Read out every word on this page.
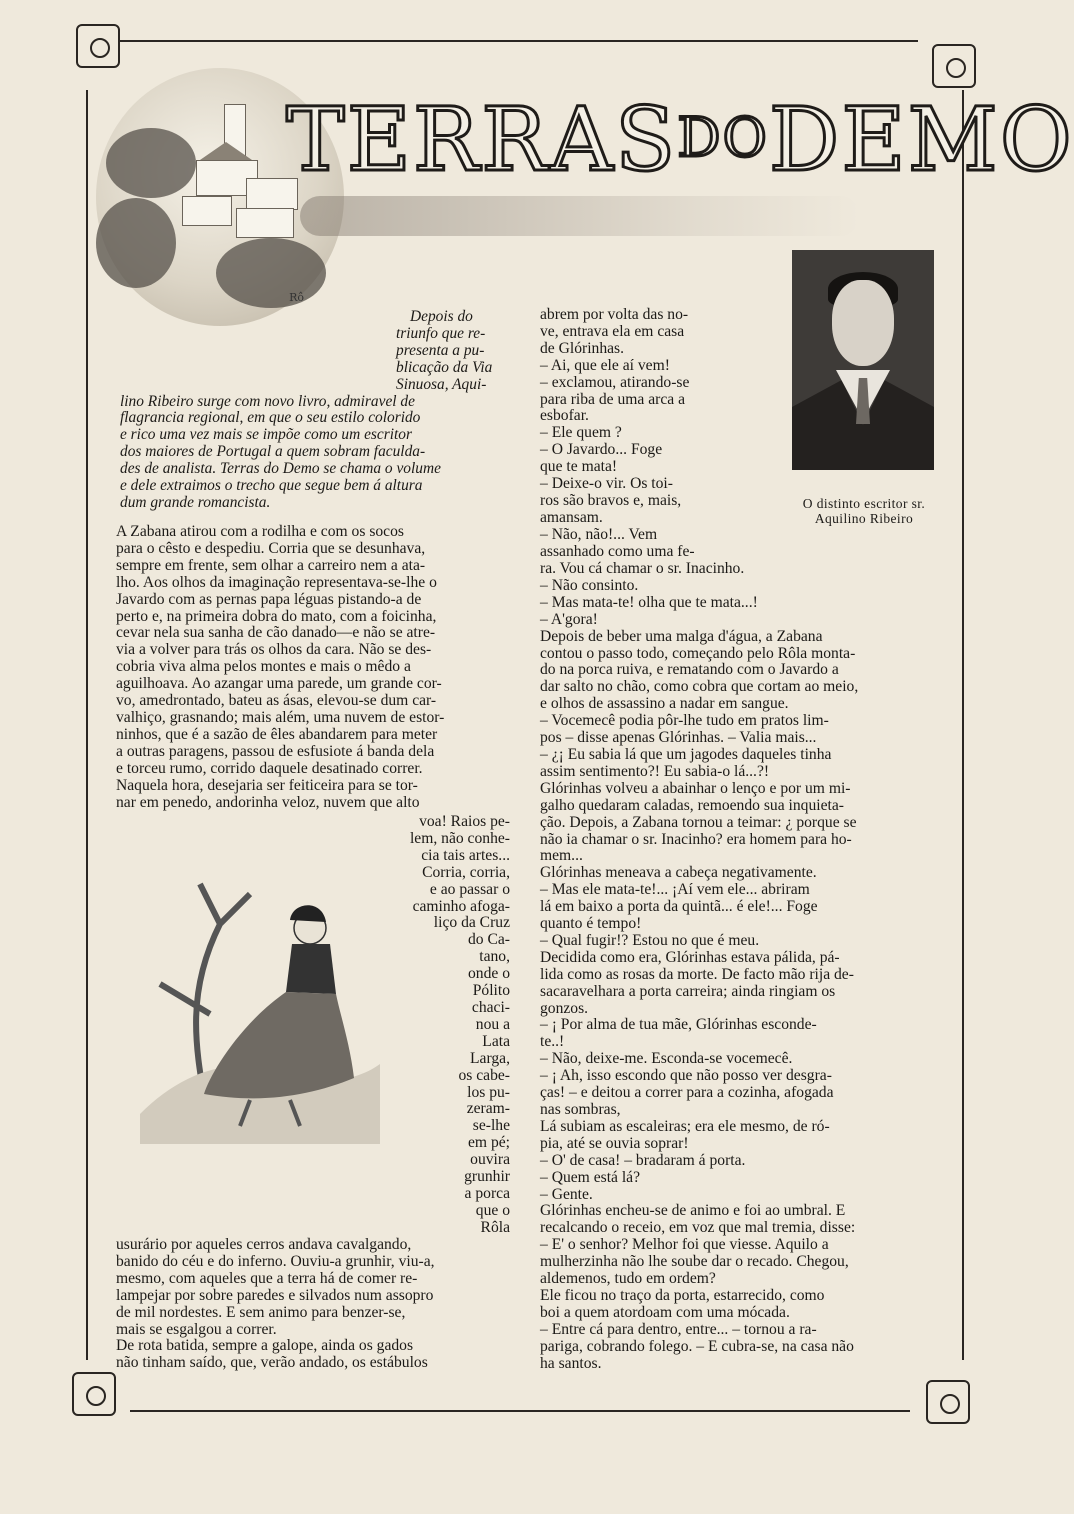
Rô
TERRASDODEMO
O distinto escritor sr.
Aquilino Ribeiro
Depois do
triunfo que re-
presenta a pu-
blicação da Via
Sinuosa, Aqui-
lino Ribeiro surge com novo livro, admiravel de
flagrancia regional, em que o seu estilo colorido
e rico uma vez mais se impõe como um escritor
dos maiores de Portugal a quem sobram faculda-
des de analista. Terras do Demo se chama o volume
e dele extraimos o trecho que segue bem á altura
dum grande romancista.
A Zabana atirou com a rodilha e com os socos
para o cêsto e despediu. Corria que se desunhava,
sempre em frente, sem olhar a carreiro nem a ata-
lho. Aos olhos da imaginação representava-se-lhe o
Javardo com as pernas papa léguas pistando-a de
perto e, na primeira dobra do mato, com a foicinha,
cevar nela sua sanha de cão danado—e não se atre-
via a volver para trás os olhos da cara. Não se des-
cobria viva alma pelos montes e mais o mêdo a
aguilhoava. Ao azangar uma parede, um grande cor-
vo, amedrontado, bateu as ásas, elevou-se dum car-
valhiço, grasnando; mais além, uma nuvem de estor-
ninhos, que é a sazão de êles abandarem para meter
a outras paragens, passou de esfusiote á banda dela
e torceu rumo, corrido daquele desatinado correr.
Naquela hora, desejaria ser feiticeira para se tor-
nar em penedo, andorinha veloz, nuvem que alto
voa! Raios pe-
lem, não conhe-
cia tais artes...
Corria, corria,
e ao passar o
caminho afoga-
liço da Cruz
do Ca-
tano,
onde o
Pólito
chaci-
nou a
Lata
Larga,
os cabe-
los pu-
zeram-
se-lhe
em pé;
ouvira
grunhir
a porca
que o
Rôla
usurário por aqueles cerros andava cavalgando,
banido do céu e do inferno. Ouviu-a grunhir, viu-a,
mesmo, com aqueles que a terra há de comer re-
lampejar por sobre paredes e silvados num assopro
de mil nordestes. E sem animo para benzer-se,
mais se esgalgou a correr.
De rota batida, sempre a galope, ainda os gados
não tinham saído, que, verão andado, os estábulos
abrem por volta das no-
ve, entrava ela em casa
de Glórinhas.
– Ai, que ele aí vem!
– exclamou, atirando-se
para riba de uma arca a
esbofar.
– Ele quem ?
– O Javardo... Foge
que te mata!
– Deixe-o vir. Os toi-
ros são bravos e, mais,
amansam.
– Não, não!... Vem
assanhado como uma fe-
ra. Vou cá chamar o sr. Inacinho.
– Não consinto.
– Mas mata-te! olha que te mata...!
– A'gora!
Depois de beber uma malga d'água, a Zabana
contou o passo todo, começando pelo Rôla monta-
do na porca ruiva, e rematando com o Javardo a
dar salto no chão, como cobra que cortam ao meio,
e olhos de assassino a nadar em sangue.
– Vocemecê podia pôr-lhe tudo em pratos lim-
pos – disse apenas Glórinhas. – Valia mais...
– ¿¡ Eu sabia lá que um jagodes daqueles tinha
assim sentimento?! Eu sabia-o lá...?!
Glórinhas volveu a abainhar o lenço e por um mi-
galho quedaram caladas, remoendo sua inquieta-
ção. Depois, a Zabana tornou a teimar: ¿ porque se
não ia chamar o sr. Inacinho? era homem para ho-
mem...
Glórinhas meneava a cabeça negativamente.
– Mas ele mata-te!... ¡Aí vem ele... abriram
lá em baixo a porta da quintã... é ele!... Foge
quanto é tempo!
– Qual fugir!? Estou no que é meu.
Decidida como era, Glórinhas estava pálida, pá-
lida como as rosas da morte. De facto mão rija de-
sacaravelhara a porta carreira; ainda ringiam os
gonzos.
– ¡ Por alma de tua mãe, Glórinhas esconde-
te..!
– Não, deixe-me. Esconda-se vocemecê.
– ¡ Ah, isso escondo que não posso ver desgra-
ças! – e deitou a correr para a cozinha, afogada
nas sombras,
Lá subiam as escaleiras; era ele mesmo, de ró-
pia, até se ouvia soprar!
– O' de casa! – bradaram á porta.
– Quem está lá?
– Gente.
Glórinhas encheu-se de animo e foi ao umbral. E
recalcando o receio, em voz que mal tremia, disse:
– E' o senhor? Melhor foi que viesse. Aquilo a
mulherzinha não lhe soube dar o recado. Chegou,
aldemenos, tudo em ordem?
Ele ficou no traço da porta, estarrecido, como
boi a quem atordoam com uma mócada.
– Entre cá para dentro, entre... – tornou a ra-
pariga, cobrando folego. – E cubra-se, na casa não
ha santos.
